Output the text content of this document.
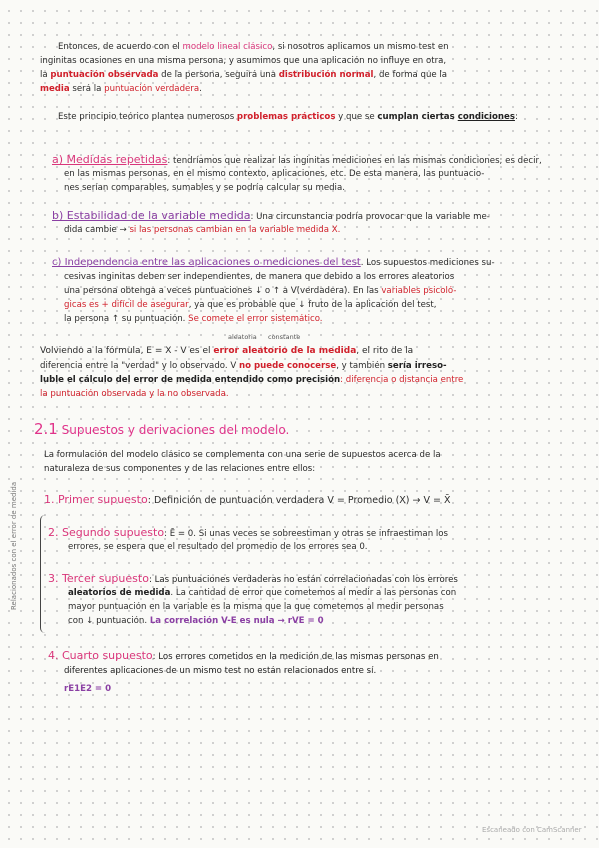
Entonces, de acuerdo con el modelo lineal clásico, si nosotros aplicamos un mismo test en
inginitas ocasiones en una misma persona, y asumimos que una aplicación no influye en otra,
la puntuación observada de la persona, seguirá una distribución normal, de forma que la
media será la puntuación verdadera.
Este principio teórico plantea numerosos problemas prácticos y que se cumplan ciertas condiciones:
a) Medidas repetidas: tendríamos que realizar las inginitas mediciones en las mismas condiciones; es decir,
en las mismas personas, en el mismo contexto, aplicaciones, etc. De esta manera, las puntuacio-
nes serían comparables, sumables y se podría calcular su media.
b) Estabilidad de la variable medida: Una circunstancia podría provocar que la variable me-
dida cambie → si las personas cambian en la variable medida X.
c) Independencia entre las aplicaciones o mediciones del test. Los supuestos mediciones su-
cesivas inginitas deben ser independientes, de manera que debido a los errores aleatorios
una persona obtenga a veces puntuaciones ↓ o ↑ a V(verdadera). En las variables psicoló-
gicas es + difícil de asegurar, ya que es probable que ↓ fruto de la aplicación del test,
la persona ↑ su puntuación. Se comete el error sistemático.
aleatoria constante
Volviendo a la fórmula, E = X - V es el error aleatorio de la medida, el rito de la
diferencia entre la "verdad" y lo observado. V no puede conocerse, y también sería irreso-
luble el cálculo del error de medida entendido como precisión: diferencia o distancia entre
la puntuación observada y la no observada.
2.1 Supuestos y derivaciones del modelo.
La formulación del modelo clásico se complementa con una serie de supuestos acerca de la
naturaleza de sus componentes y de las relaciones entre ellos:
Relacionados con el error de medida 1. Primer supuesto: Definición de puntuación verdadera V = Promedio (X) → V = X̄
2. Segundo supuesto: Ē = 0. Si unas veces se sobreestiman y otras se infraestiman los
errores, se espera que el resultado del promedio de los errores sea 0.
3. Tercer supuesto: Las puntuaciones verdaderas no están correlacionadas con los errores
aleatorios de medida. La cantidad de error que cometemos al medir a las personas con
mayor puntuación en la variable es la misma que la que cometemos al medir personas
con ↓ puntuación. La correlación V-E es nula → rVE = 0
4. Cuarto supuesto: Los errores cometidos en la medición de las mismas personas en
diferentes aplicaciones de un mismo test no están relacionados entre sí.
rE1E2 = 0
Escaneado con CamScanner
